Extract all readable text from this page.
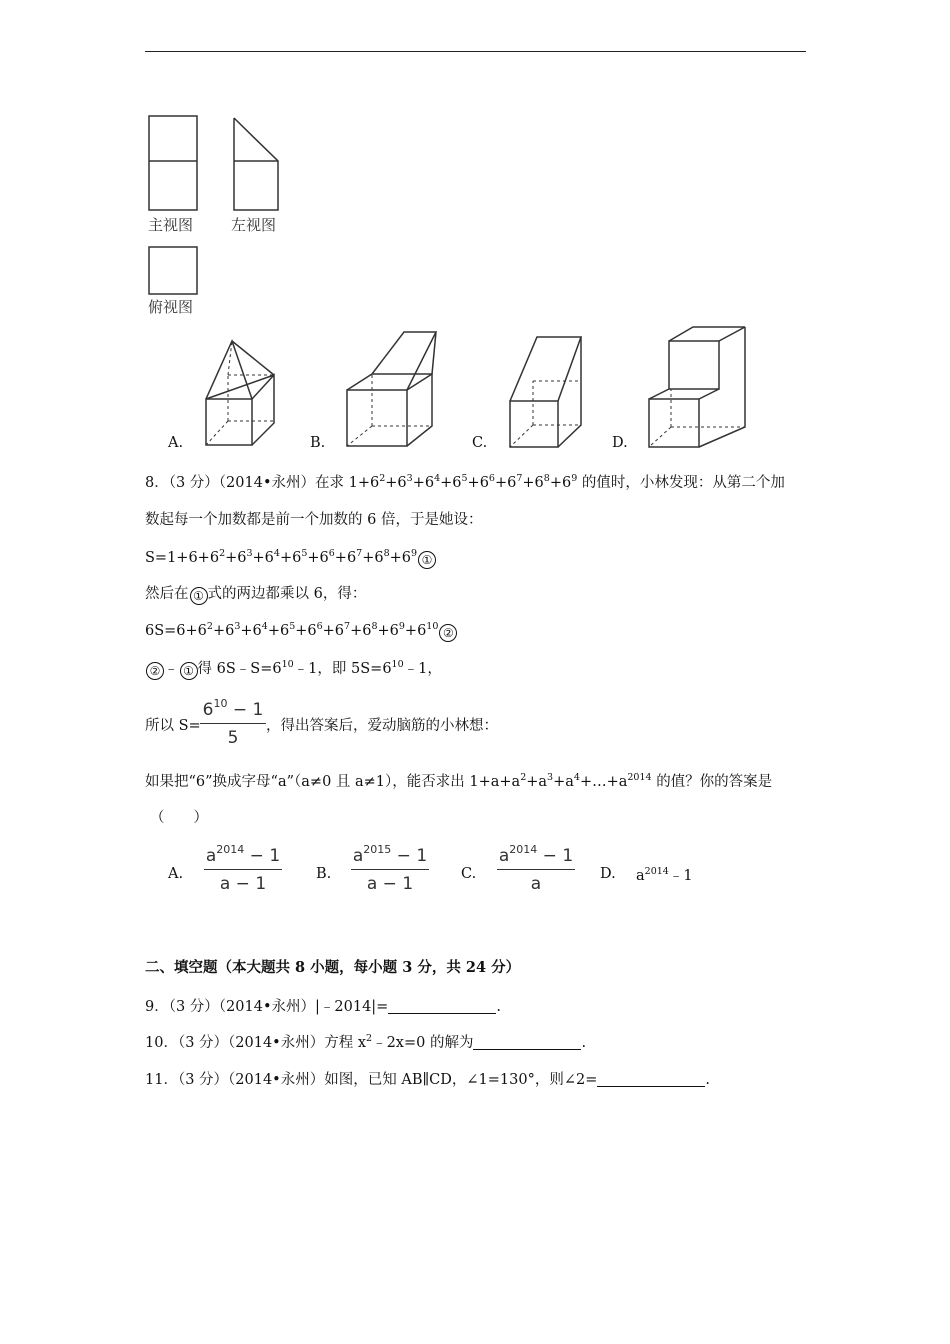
主视图	左视图
俯视图
A.	B.	C.	D.
8．（3 分）（2014•永州）在求 $1+6^2+6^3+6^4+6^5+6^6+6^7+6^8+6^9$ 的值时，小林发现：从第二个加
数起每一个加数都是前一个加数的 6 倍，于是她设：
$S=1+6+6^2+6^3+6^4+6^5+6^6+6^7+6^8+6^9$ ①
然后在 ① 式的两边都乘以 6，得：
$6S=6+6^2+6^3+6^4+6^5+6^6+6^7+6^8+6^9+6^{10}$ ②
② ﹣ ① 得 $6S﹣S=6^{10}﹣1$，即 $5S=6^{10}﹣1$，
所以 S=
$6^{10} - 1$
5
，得出答案后，爱动脑筋的小林想：
如果把“6”换成字母“a”（a≠0 且 a≠1），能否求出 $1+a+a^2+a^3+a^4+\dots+a^{2014}$ 的值？你的答案是
（　　）
A.
$a^{2014} - 1$
a − 1	B.
$a^{2015} - 1$
a − 1	C.
$a^{2014} - 1$
a	D. $a^{2014}﹣1$
二、填空题（本大题共 8 小题，每小题 3 分，共 24 分）
9．（3 分）（2014•永州）|﹣2014|=	.
10．（3 分）（2014•永州）方程 $x^2﹣2x=0$ 的解为	.
11．（3 分）（2014•永州）如图，已知 AB∥CD，∠1=130°，则∠2=	.
